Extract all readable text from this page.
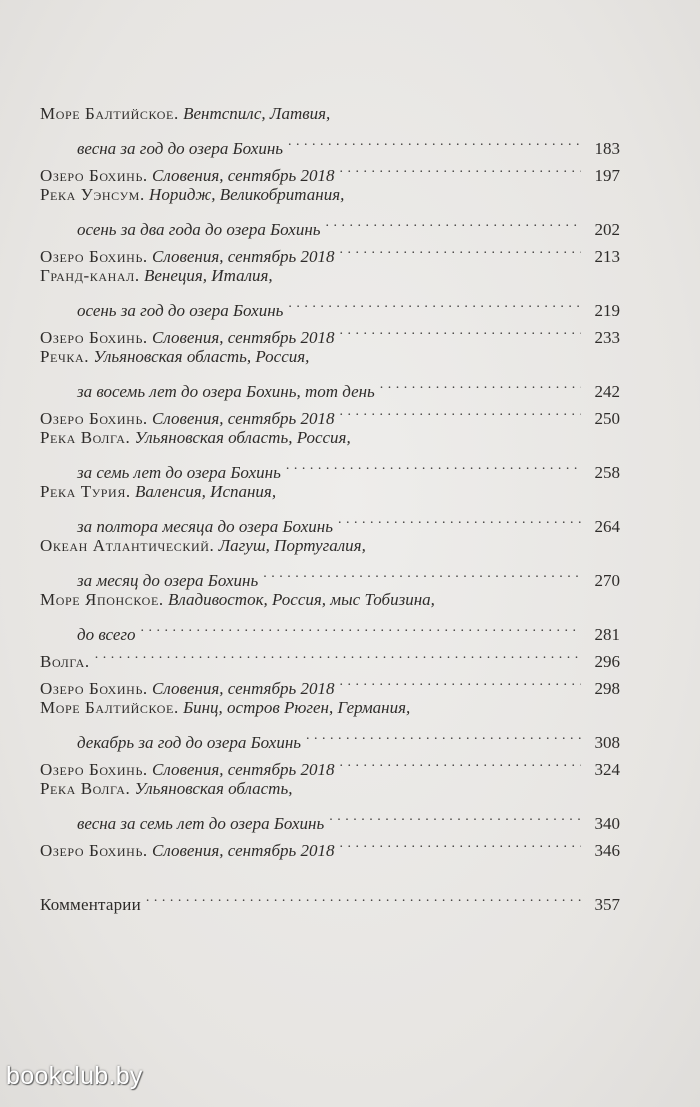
Море Балтийское. Вентспилс, Латвия,
весна за год до озера Бохинь . . .	183
Озеро Бохинь. Словения, сентябрь 2018 . . .	197
Река Уэнсум. Норидж, Великобритания,
осень за два года до озера Бохинь . . .	202
Озеро Бохинь. Словения, сентябрь 2018 . . .	213
Гранд-канал. Венеция, Италия,
осень за год до озера Бохинь . . .	219
Озеро Бохинь. Словения, сентябрь 2018 . . .	233
Речка. Ульяновская область, Россия,
за восемь лет до озера Бохинь, тот день . . .	242
Озеро Бохинь. Словения, сентябрь 2018 . . .	250
Река Волга. Ульяновская область, Россия,
за семь лет до озера Бохинь . . .	258
Река Турия. Валенсия, Испания,
за полтора месяца до озера Бохинь . . .	264
Океан Атлантический. Лагуш, Португалия,
за месяц до озера Бохинь . . .	270
Море Японское. Владивосток, Россия, мыс Тобизина,
до всего . . .	281
Волга. . . .	296
Озеро Бохинь. Словения, сентябрь 2018 . . .	298
Море Балтийское. Бинц, остров Рюген, Германия,
декабрь за год до озера Бохинь . . .	308
Озеро Бохинь. Словения, сентябрь 2018 . . .	324
Река Волга. Ульяновская область,
весна за семь лет до озера Бохинь . . .	340
Озеро Бохинь. Словения, сентябрь 2018 . . .	346
Комментарии . . .	357
bookclub.by
